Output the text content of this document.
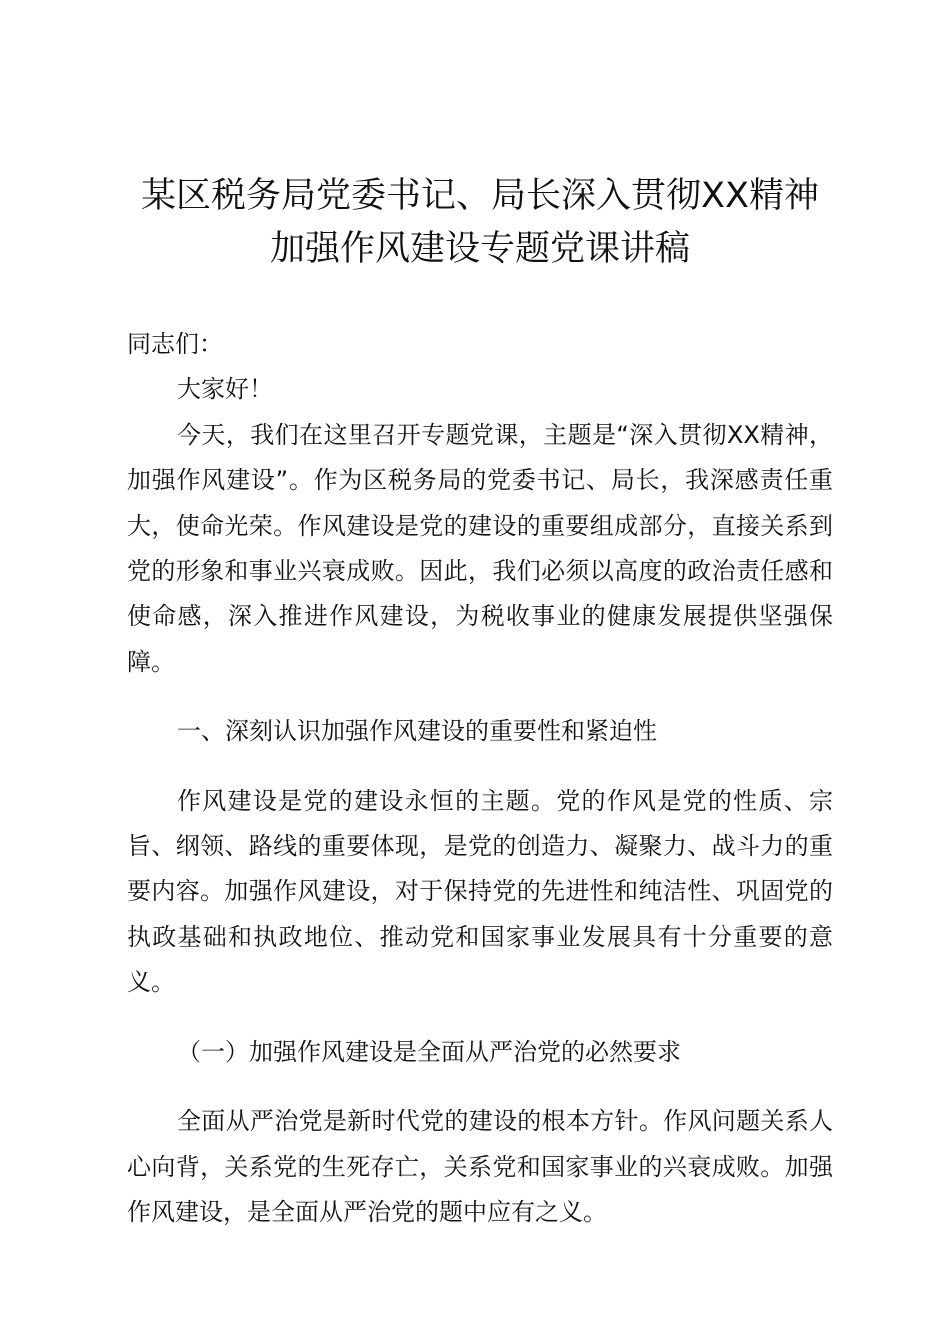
某区税务局党委书记、局长深入贯彻XX精神
加强作风建设专题党课讲稿
同志们：

大家好！

今天，我们在这里召开专题党课，主题是“深入贯彻XX精神，加强作风建设”。作为区税务局的党委书记、局长，我深感责任重大，使命光荣。作风建设是党的建设的重要组成部分，直接关系到党的形象和事业兴衰成败。因此，我们必须以高度的政治责任感和使命感，深入推进作风建设，为税收事业的健康发展提供坚强保障。

一、深刻认识加强作风建设的重要性和紧迫性

作风建设是党的建设永恒的主题。党的作风是党的性质、宗旨、纲领、路线的重要体现，是党的创造力、凝聚力、战斗力的重要内容。加强作风建设，对于保持党的先进性和纯洁性、巩固党的执政基础和执政地位、推动党和国家事业发展具有十分重要的意义。

（一）加强作风建设是全面从严治党的必然要求

全面从严治党是新时代党的建设的根本方针。作风问题关系人心向背，关系党的生死存亡，关系党和国家事业的兴衰成败。加强作风建设，是全面从严治党的题中应有之义。
